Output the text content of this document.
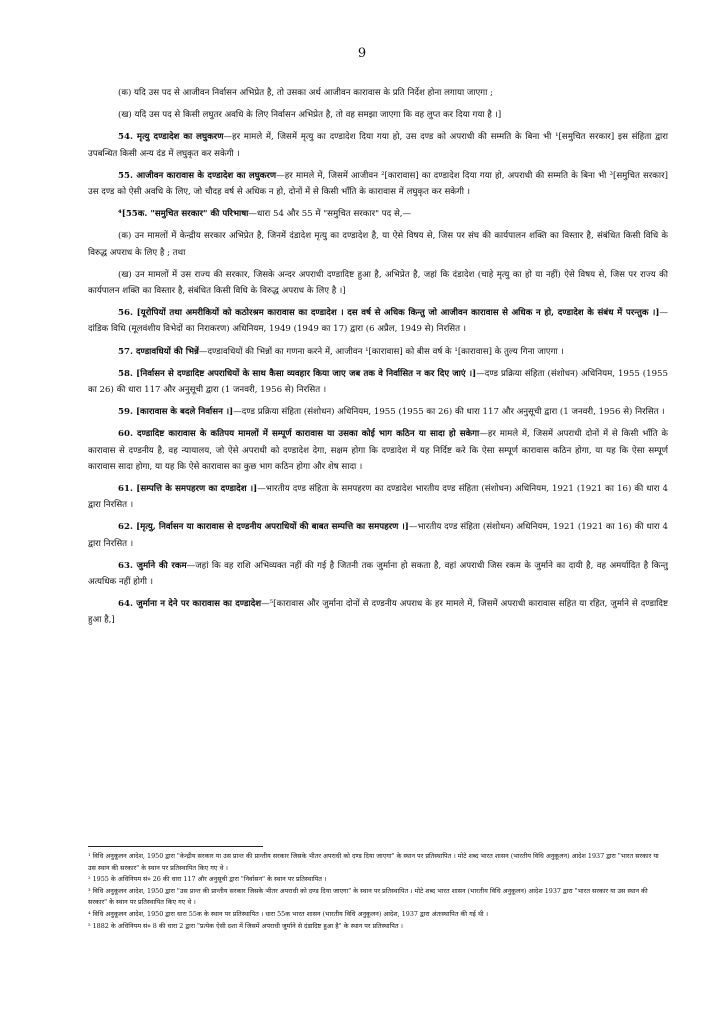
9

(क) यदि उस पद से आजीवन निर्वासन अभिप्रेत है, तो उसका अर्थ आजीवन कारावास के प्रति निर्देश होना लगाया जाएगा ;

(ख) यदि उस पद से किसी लघुतर अवधि के लिए निर्वासन अभिप्रेत है, तो वह समझा जाएगा कि वह लुप्त कर दिया गया है ।]

54. मृत्यु दण्डादेश का लघुकरण—हर मामले में, जिसमें मृत्यु का दण्डादेश दिया गया हो, उस दण्ड को अपराधी की सम्मति के बिना भी ¹[समुचित सरकार] इस संहिता द्वारा उपबन्धित किसी अन्य दंड में लघुकृत कर सकेगी ।

55. आजीवन कारावास के दण्डादेश का लघुकरण—हर मामले में, जिसमें आजीवन ²[कारावास] का दण्डादेश दिया गया हो, अपराधी की सम्मति के बिना भी ³[समुचित सरकार] उस दण्ड को ऐसी अवधि के लिए, जो चौदह वर्ष से अधिक न हो, दोनों में से किसी भाँति के कारावास में लघुकृत कर सकेगी ।

⁴[55क. "समुचित सरकार" की परिभाषा—धारा 54 और 55 में "समुचित सरकार" पद से,—

(क) उन मामलों में केन्द्रीय सरकार अभिप्रेत है, जिनमें दंडादेश मृत्यु का दण्डादेश है, या ऐसे विषय से, जिस पर संघ की कार्यपालन शक्ति का विस्तार है, संबंधित किसी विधि के विरुद्ध अपराध के लिए है ; तथा

(ख) उन मामलों में उस राज्य की सरकार, जिसके अन्दर अपराधी दण्डादिष्ट हुआ है, अभिप्रेत है, जहां कि दंडादेश (चाहे मृत्यु का हो या नहीं) ऐसे विषय से, जिस पर राज्य की कार्यपालन शक्ति का विस्तार है, संबंधित किसी विधि के विरुद्ध अपराध के लिए है ।]

56. [यूरोपियों तथा अमरीकियों को कठोरश्रम कारावास का दण्डादेश । दस वर्ष से अधिक किन्तु जो आजीवन कारावास से अधिक न हो, दण्डादेश के संबंध में परन्तुक ।]—दांडिक विधि (मूलवंशीय विभेदों का निराकरण) अधिनियम, 1949 (1949 का 17) द्वारा (6 अप्रैल, 1949 से) निरसित ।

57. दण्डावधियों की भिन्नें—दण्डावधियों की भिन्नों का गणना करने में, आजीवन ¹[कारावास] को बीस वर्ष के ¹[कारावास] के तुल्य गिना जाएगा ।

58. [निर्वासन से दण्डादिष्ट अपराधियों के साथ कैसा व्यवहार किया जाए जब तक वे निर्वासित न कर दिए जाएं ।]—दण्ड प्रक्रिया संहिता (संशोधन) अधिनियम, 1955 (1955 का 26) की धारा 117 और अनुसूची द्वारा (1 जनवरी, 1956 से) निरसित ।

59. [कारावास के बदले निर्वासन ।]—दण्ड प्रक्रिया संहिता (संशोधन) अधिनियम, 1955 (1955 का 26) की धारा 117 और अनुसूची द्वारा (1 जनवरी, 1956 से) निरसित ।

60. दण्डादिष्ट कारावास के कतिपय मामलों में सम्पूर्ण कारावास या उसका कोई भाग कठिन या सादा हो सकेगा—हर मामले में, जिसमें अपराधी दोनों में से किसी भाँति के कारावास से दण्डनीय है, वह न्यायालय, जो ऐसे अपराधी को दण्डादेश देगा, सक्षम होगा कि दण्डादेश में यह निर्दिष्ट करे कि ऐसा सम्पूर्ण कारावास कठिन होगा, या यह कि ऐसा सम्पूर्ण कारावास सादा होगा, या यह कि ऐसे कारावास का कुछ भाग कठिन होगा और शेष सादा ।

61. [सम्पत्ति के समपहरण का दण्डादेश ।]—भारतीय दण्ड संहिता के समपहरण का दण्डादेश भारतीय दण्ड संहिता (संशोधन) अधिनियम, 1921 (1921 का 16) की धारा 4 द्वारा निरसित ।

62. [मृत्यु, निर्वासन या कारावास से दण्डनीय अपराधियों की बाबत सम्पत्ति का समपहरण ।]—भारतीय दण्ड संहिता (संशोधन) अधिनियम, 1921 (1921 का 16) की धारा 4 द्वारा निरसित ।

63. जुर्माने की रकम—जहां कि वह राशि अभिव्यक्त नहीं की गई है जितनी तक जुर्माना हो सकता है, वहां अपराधी जिस रकम के जुर्माने का दायी है, वह अमर्यादित है किन्तु अत्यधिक नहीं होगी ।

64. जुर्माना न देने पर कारावास का दण्डादेश—⁵[कारावास और जुर्माना दोनों से दण्डनीय अपराध के हर मामले में, जिसमें अपराधी कारावास सहित या रहित, जुर्माने से दण्डादिष्ट हुआ है,]

¹ विधि अनुकूलन आदेश, 1950 द्वारा "केन्द्रीय सरकार या उस प्रान्त की प्रान्तीय सरकार जिसके भीतर अपराधी को दण्ड दिया जाएगा" के स्थान पर प्रतिस्थापित । मोटे शब्द भारत शासन (भारतीय विधि अनुकूलन) आदेश 1937 द्वारा "भारत सरकार या उस स्थान की सरकार" के स्थान पर प्रतिस्थापित किए गए थे ।
² 1955 के अधिनियम सं० 26 की धारा 117 और अनुसूची द्वारा "निर्वासन" के स्थान पर प्रतिस्थापित ।
³ विधि अनुकूलन आदेश, 1950 द्वारा "उस प्रान्त की प्रान्तीय सरकार जिसके भीतर अपराधी को दण्ड दिया जाएगा" के स्थान पर प्रतिस्थापित । मोटे शब्द भारत शासन (भारतीय विधि अनुकूलन) आदेश 1937 द्वारा "भारत सरकार या उस स्थान की सरकार" के स्थान पर प्रतिस्थापित किए गए थे ।
⁴ विधि अनुकूलन आदेश, 1950 द्वारा धारा 55क के स्थान पर प्रतिस्थापित । धारा 55क भारत शासन (भारतीय विधि अनुकूलन) आदेश, 1937 द्वारा अंतःस्थापित की गई थी ।
⁵ 1882 के अधिनियम सं० 8 की धारा 2 द्वारा "प्रत्येक ऐसी दशा में जिसमें अपराधी जुर्माने से दंडादिष्ट हुआ है" के स्थान पर प्रतिस्थापित ।
